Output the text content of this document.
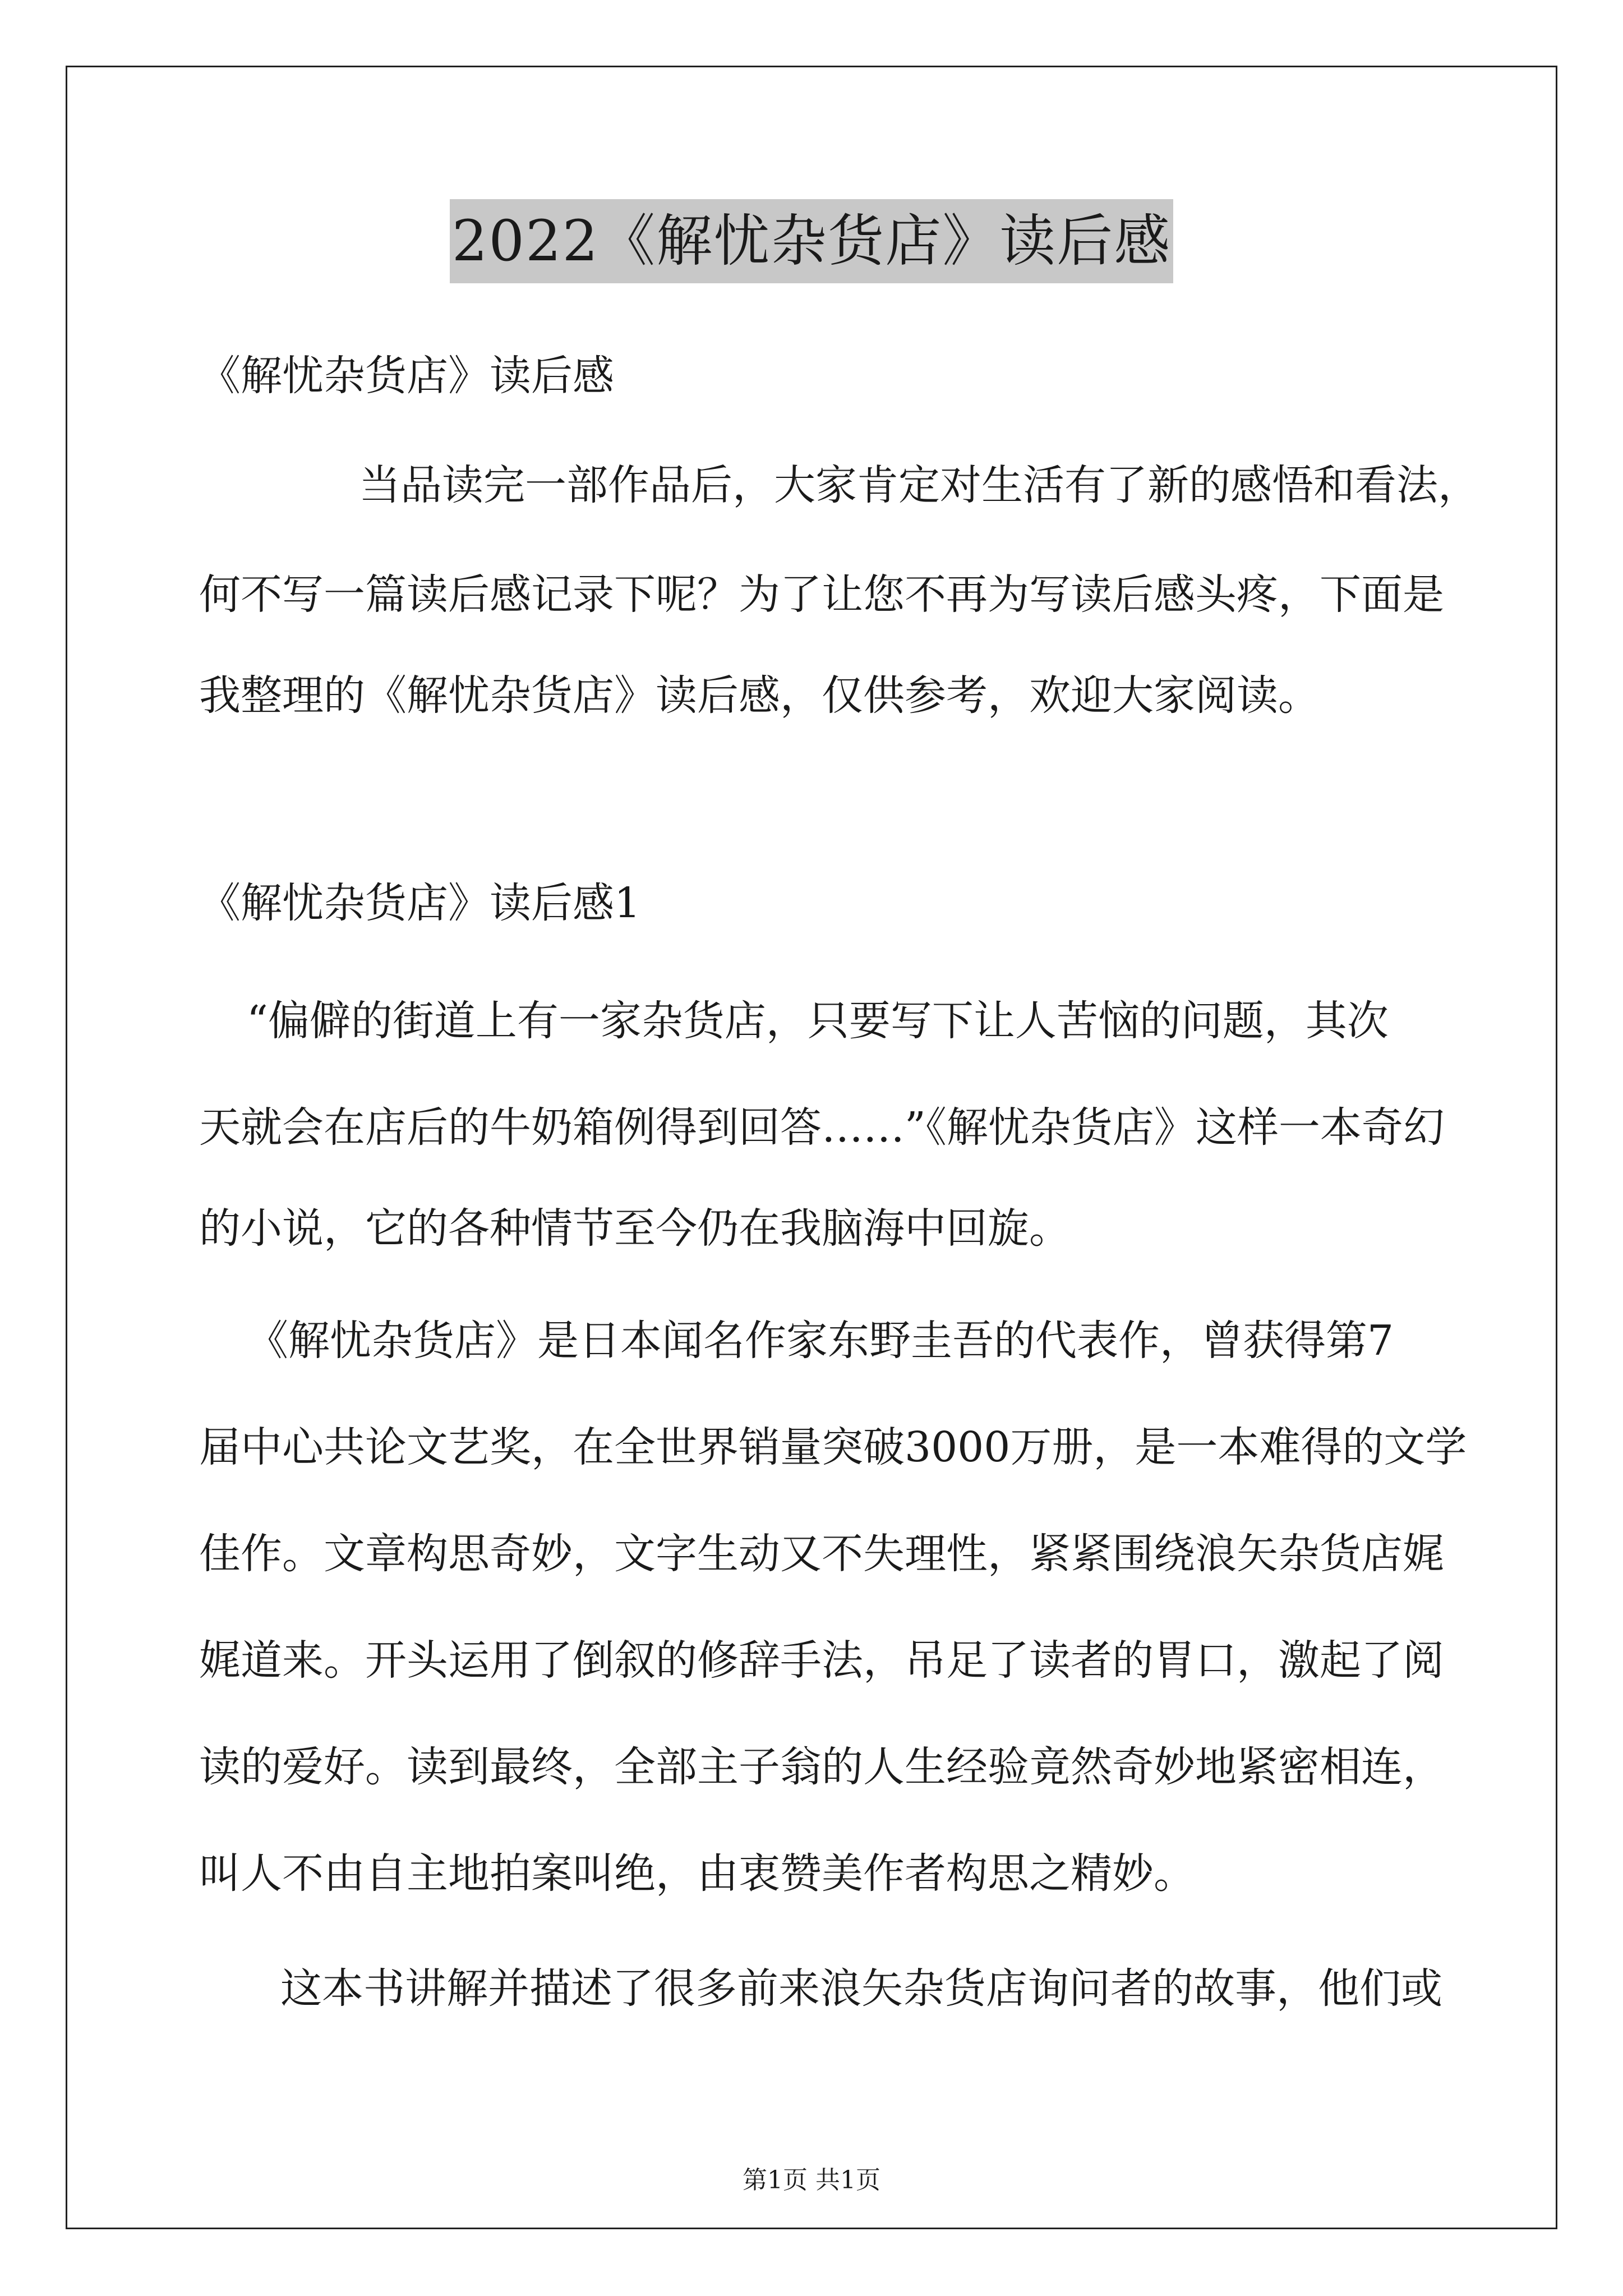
2022《解忧杂货店》读后感
《解忧杂货店》读后感
当品读完一部作品后，大家肯定对生活有了新的感悟和看法，
何不写一篇读后感记录下呢？为了让您不再为写读后感头疼，下面是
我整理的《解忧杂货店》读后感，仅供参考，欢迎大家阅读。
《解忧杂货店》读后感1
“偏僻的街道上有一家杂货店，只要写下让人苦恼的问题，其次
天就会在店后的牛奶箱例得到回答……”《解忧杂货店》这样一本奇幻
的小说，它的各种情节至今仍在我脑海中回旋。
《解忧杂货店》是日本闻名作家东野圭吾的代表作，曾获得第7
届中心共论文艺奖，在全世界销量突破3000万册，是一本难得的文学
佳作。文章构思奇妙，文字生动又不失理性，紧紧围绕浪矢杂货店娓
娓道来。开头运用了倒叙的修辞手法，吊足了读者的胃口，激起了阅
读的爱好。读到最终，全部主子翁的人生经验竟然奇妙地紧密相连，
叫人不由自主地拍案叫绝，由衷赞美作者构思之精妙。
这本书讲解并描述了很多前来浪矢杂货店询问者的故事，他们或
第1页 共1页
